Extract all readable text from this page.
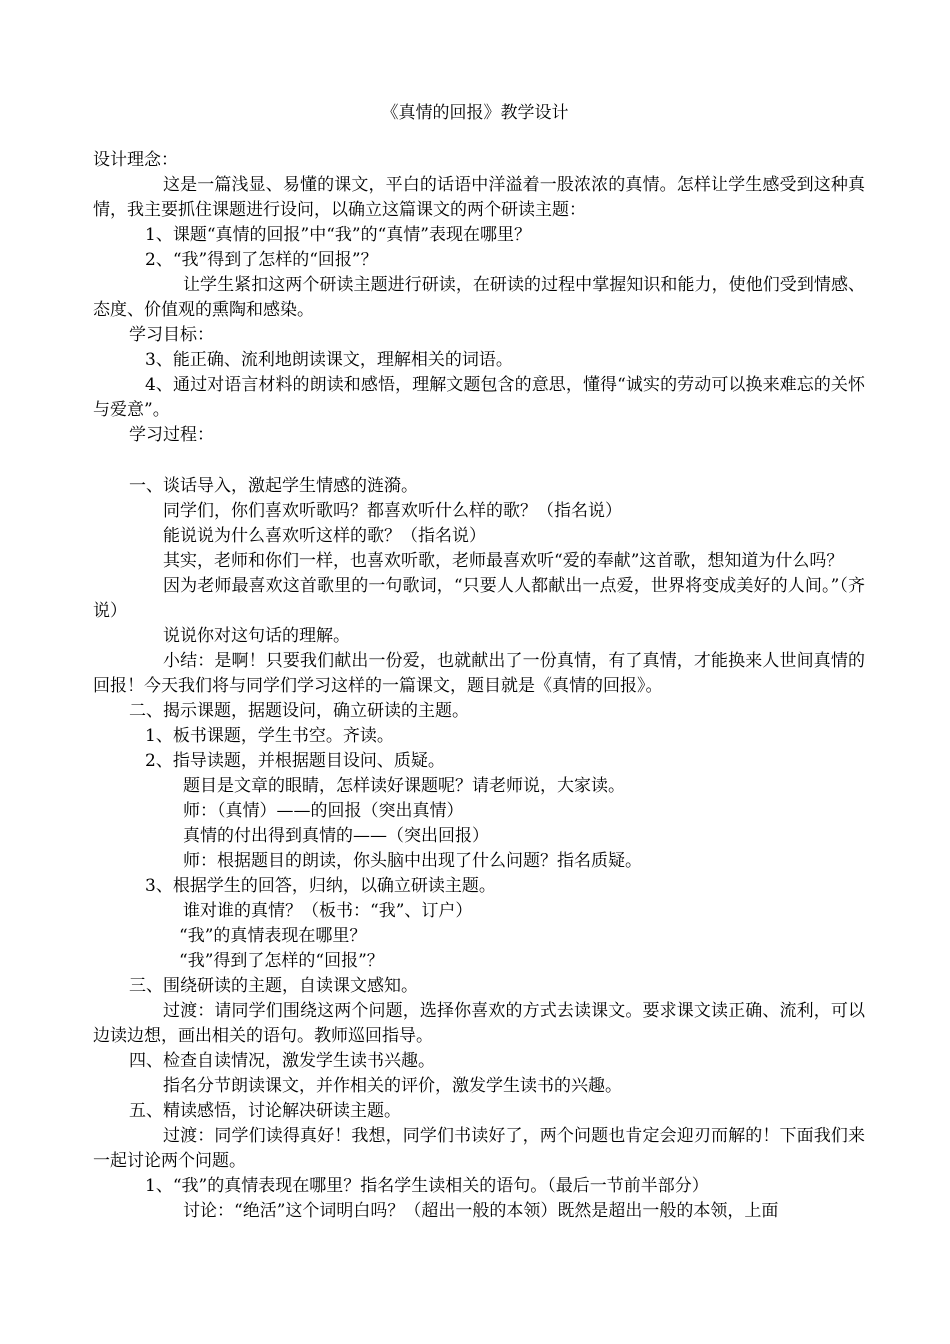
《真情的回报》教学设计

设计理念：

这是一篇浅显、易懂的课文，平白的话语中洋溢着一股浓浓的真情。怎样让学生感受到这种真情，我主要抓住课题进行设问，以确立这篇课文的两个研读主题：

1、课题“真情的回报”中“我”的“真情”表现在哪里？

2、“我”得到了怎样的“回报”？

让学生紧扣这两个研读主题进行研读，在研读的过程中掌握知识和能力，使他们受到情感、态度、价值观的熏陶和感染。

学习目标：

3、能正确、流利地朗读课文，理解相关的词语。

4、通过对语言材料的朗读和感悟，理解文题包含的意思，懂得“诚实的劳动可以换来难忘的关怀与爱意”。

学习过程：

一、谈话导入，激起学生情感的涟漪。

同学们，你们喜欢听歌吗？都喜欢听什么样的歌？（指名说）

能说说为什么喜欢听这样的歌？（指名说）

其实，老师和你们一样，也喜欢听歌，老师最喜欢听“爱的奉献”这首歌，想知道为什么吗？

因为老师最喜欢这首歌里的一句歌词，“只要人人都献出一点爱，世界将变成美好的人间。”（齐说）

说说你对这句话的理解。

小结：是啊！只要我们献出一份爱，也就献出了一份真情，有了真情，才能换来人世间真情的回报！今天我们将与同学们学习这样的一篇课文，题目就是《真情的回报》。

二、揭示课题，据题设问，确立研读的主题。

1、板书课题，学生书空。齐读。

2、指导读题，并根据题目设问、质疑。

题目是文章的眼睛，怎样读好课题呢？请老师说，大家读。

师：（真情）——的回报（突出真情）

真情的付出得到真情的——（突出回报）

师：根据题目的朗读，你头脑中出现了什么问题？指名质疑。

3、根据学生的回答，归纳，以确立研读主题。

谁对谁的真情？（板书：“我”、订户）

“我”的真情表现在哪里？

“我”得到了怎样的“回报”？

三、围绕研读的主题，自读课文感知。

过渡：请同学们围绕这两个问题，选择你喜欢的方式去读课文。要求课文读正确、流利，可以边读边想，画出相关的语句。教师巡回指导。

四、检查自读情况，激发学生读书兴趣。

指名分节朗读课文，并作相关的评价，激发学生读书的兴趣。

五、精读感悟，讨论解决研读主题。

过渡：同学们读得真好！我想，同学们书读好了，两个问题也肯定会迎刃而解的！下面我们来一起讨论两个问题。

1、“我”的真情表现在哪里？指名学生读相关的语句。（最后一节前半部分）

讨论：“绝活”这个词明白吗？（超出一般的本领）既然是超出一般的本领，上面
